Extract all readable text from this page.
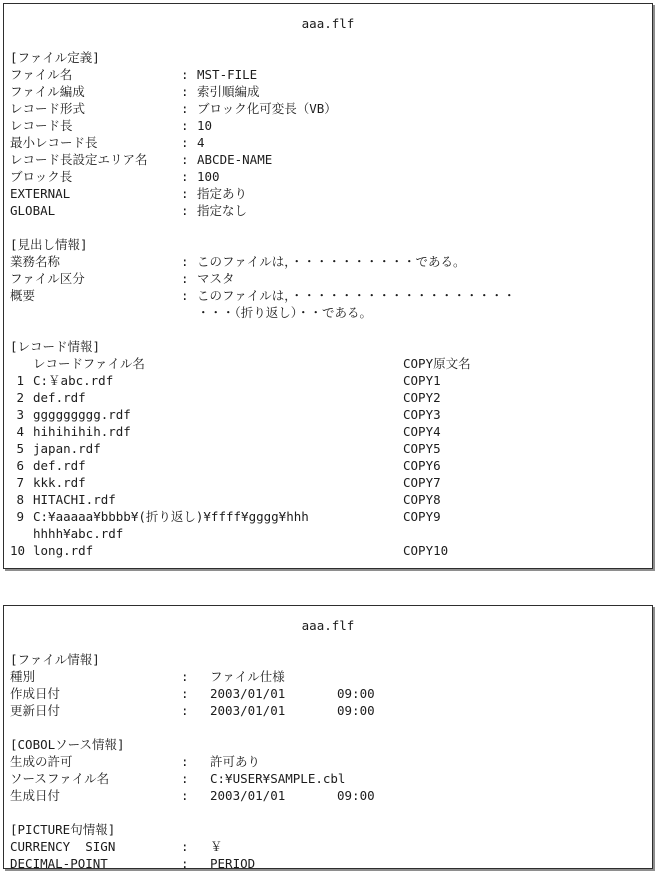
aaa.flf
[ファイル定義]
ファイル名	: MST-FILE
ファイル編成	: 索引順編成
レコード形式	: ブロック化可変長（VB）
レコード長	: 10
最小レコード長	: 4
レコード長設定エリア名	: ABCDE-NAME
ブロック長	: 100
EXTERNAL	: 指定あり
GLOBAL	: 指定なし
[見出し情報]
業務名称	: このファイルは，・・・・・・・・・・である。
ファイル区分	: マスタ
概要	: このファイルは，・・・・・・・・・・・・・・・・・・
・・・（折り返し）・・である。
[レコード情報]
レコードファイル名	COPY原文名
1 C:￥abc.rdf	COPY1
2 def.rdf	COPY2
3 ggggggggg.rdf	COPY3
4 hihihihih.rdf	COPY4
5 japan.rdf	COPY5
6 def.rdf	COPY6
7 kkk.rdf	COPY7
8 HITACHI.rdf	COPY8
9 C:¥aaaaa¥bbbb¥(折り返し)¥ffff¥gggg¥hhh	COPY9
hhhh¥abc.rdf
10 long.rdf	COPY10
aaa.flf
[ファイル情報]
種別	:	ファイル仕様
作成日付	:	2003/01/01	09:00
更新日付	:	2003/01/01	09:00
[COBOLソース情報]
生成の許可	:	許可あり
ソースファイル名	:	C:¥USER¥SAMPLE.cbl
生成日付	:	2003/01/01	09:00
[PICTURE句情報]
CURRENCY  SIGN	:	￥
DECIMAL-POINT	:	PERIOD
